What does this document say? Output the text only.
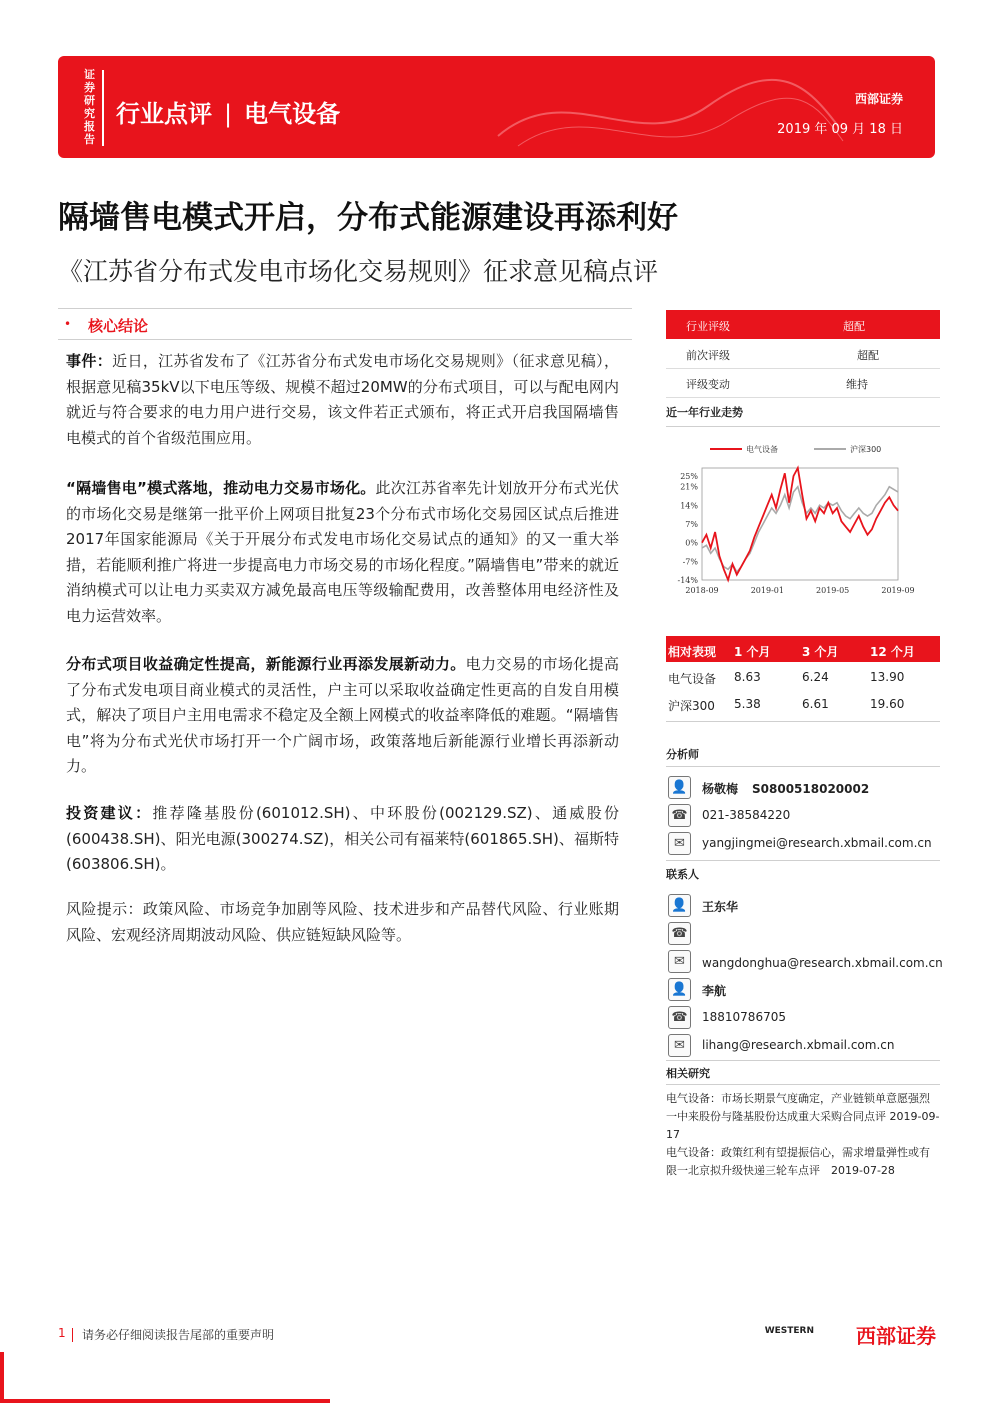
证券研究报告
行业点评 | 电气设备
西部证券
2019 年 09 月 18 日
隔墙售电模式开启，分布式能源建设再添利好
《江苏省分布式发电市场化交易规则》征求意见稿点评
• 核心结论
事件：近日，江苏省发布了《江苏省分布式发电市场化交易规则》（征求意见稿），根据意见稿35kV以下电压等级、规模不超过20MW的分布式项目，可以与配电网内就近与符合要求的电力用户进行交易，该文件若正式颁布，将正式开启我国隔墙售电模式的首个省级范围应用。
“隔墙售电”模式落地，推动电力交易市场化。此次江苏省率先计划放开分布式光伏的市场化交易是继第一批平价上网项目批复23个分布式市场化交易园区试点后推进2017年国家能源局《关于开展分布式发电市场化交易试点的通知》的又一重大举措，若能顺利推广将进一步提高电力市场交易的市场化程度。”隔墙售电”带来的就近消纳模式可以让电力买卖双方减免最高电压等级输配费用，改善整体用电经济性及电力运营效率。
分布式项目收益确定性提高，新能源行业再添发展新动力。电力交易的市场化提高了分布式发电项目商业模式的灵活性，户主可以采取收益确定性更高的自发自用模式，解决了项目户主用电需求不稳定及全额上网模式的收益率降低的难题。“隔墙售电”将为分布式光伏市场打开一个广阔市场，政策落地后新能源行业增长再添新动力。
投资建议：推荐隆基股份(601012.SH)、中环股份(002129.SZ)、通威股份(600438.SH)、阳光电源(300274.SZ)，相关公司有福莱特(601865.SH)、福斯特(603806.SH)。
风险提示：政策风险、市场竞争加剧等风险、技术进步和产品替代风险、行业账期风险、宏观经济周期波动风险、供应链短缺风险等。
行业评级	超配
前次评级	超配
评级变动	维持
近一年行业走势
25%
21%
14%
7%
0%
-7%
-14%
2018-09	2019-01	2019-05	2019-09
电气设备	沪深300
相对表现 1 个月	3 个月	12 个月
电气设备 8.63	6.24	13.90
沪深300 5.38	6.61	19.60
分析师
👤 杨敬梅 S0800518020002
☎ 021-38584220
✉	yangjingmei@research.xbmail.com.cn
联系人
👤 王东华
☎
✉	wangdonghua@research.xbmail.com.cn
👤 李航
☎ 18810786705
✉	lihang@research.xbmail.com.cn
相关研究
电气设备：市场长期景气度确定，产业链锁单意愿强烈一中来股份与隆基股份达成重大采购合同点评 2019-09-17
电气设备：政策红利有望提振信心，需求增量弹性或有限一北京拟升级快递三轮车点评　2019-07-28
1 请务必仔细阅读报告尾部的重要声明	WESTERN 西部证券
